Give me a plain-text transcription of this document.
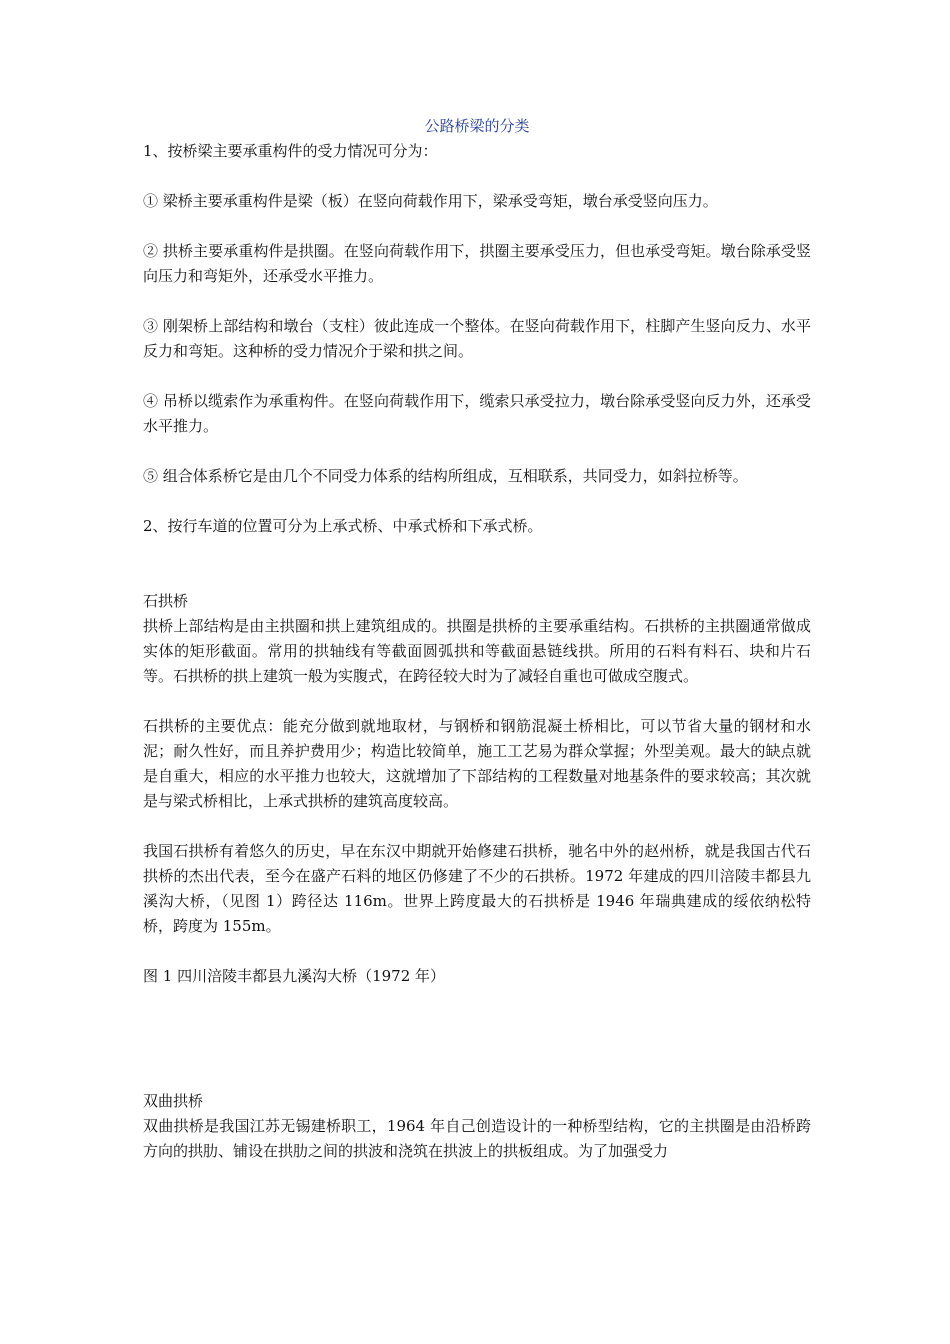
公路桥梁的分类

1、按桥梁主要承重构件的受力情况可分为：

① 梁桥主要承重构件是梁（板）在竖向荷载作用下，梁承受弯矩，墩台承受竖向压力。

② 拱桥主要承重构件是拱圈。在竖向荷载作用下，拱圈主要承受压力，但也承受弯矩。墩台除承受竖向压力和弯矩外，还承受水平推力。

③ 刚架桥上部结构和墩台（支柱）彼此连成一个整体。在竖向荷载作用下，柱脚产生竖向反力、水平反力和弯矩。这种桥的受力情况介于梁和拱之间。

④ 吊桥以缆索作为承重构件。在竖向荷载作用下，缆索只承受拉力，墩台除承受竖向反力外，还承受水平推力。

⑤ 组合体系桥它是由几个不同受力体系的结构所组成，互相联系，共同受力，如斜拉桥等。

2、按行车道的位置可分为上承式桥、中承式桥和下承式桥。

石拱桥

拱桥上部结构是由主拱圈和拱上建筑组成的。拱圈是拱桥的主要承重结构。石拱桥的主拱圈通常做成实体的矩形截面。常用的拱轴线有等截面圆弧拱和等截面悬链线拱。所用的石料有料石、块和片石等。石拱桥的拱上建筑一般为实腹式，在跨径较大时为了减轻自重也可做成空腹式。

石拱桥的主要优点：能充分做到就地取材，与钢桥和钢筋混凝土桥相比，可以节省大量的钢材和水泥；耐久性好，而且养护费用少；构造比较简单，施工工艺易为群众掌握；外型美观。最大的缺点就是自重大，相应的水平推力也较大，这就增加了下部结构的工程数量对地基条件的要求较高；其次就是与梁式桥相比，上承式拱桥的建筑高度较高。

我国石拱桥有着悠久的历史，早在东汉中期就开始修建石拱桥，驰名中外的赵州桥，就是我国古代石拱桥的杰出代表，至今在盛产石料的地区仍修建了不少的石拱桥。1972 年建成的四川涪陵丰都县九溪沟大桥，（见图 1）跨径达 116m。世界上跨度最大的石拱桥是 1946 年瑞典建成的绥依纳松特桥，跨度为 155m。

图 1 四川涪陵丰都县九溪沟大桥（1972 年）

双曲拱桥

双曲拱桥是我国江苏无锡建桥职工，1964 年自己创造设计的一种桥型结构，它的主拱圈是由沿桥跨方向的拱肋、铺设在拱肋之间的拱波和浇筑在拱波上的拱板组成。为了加强受力
